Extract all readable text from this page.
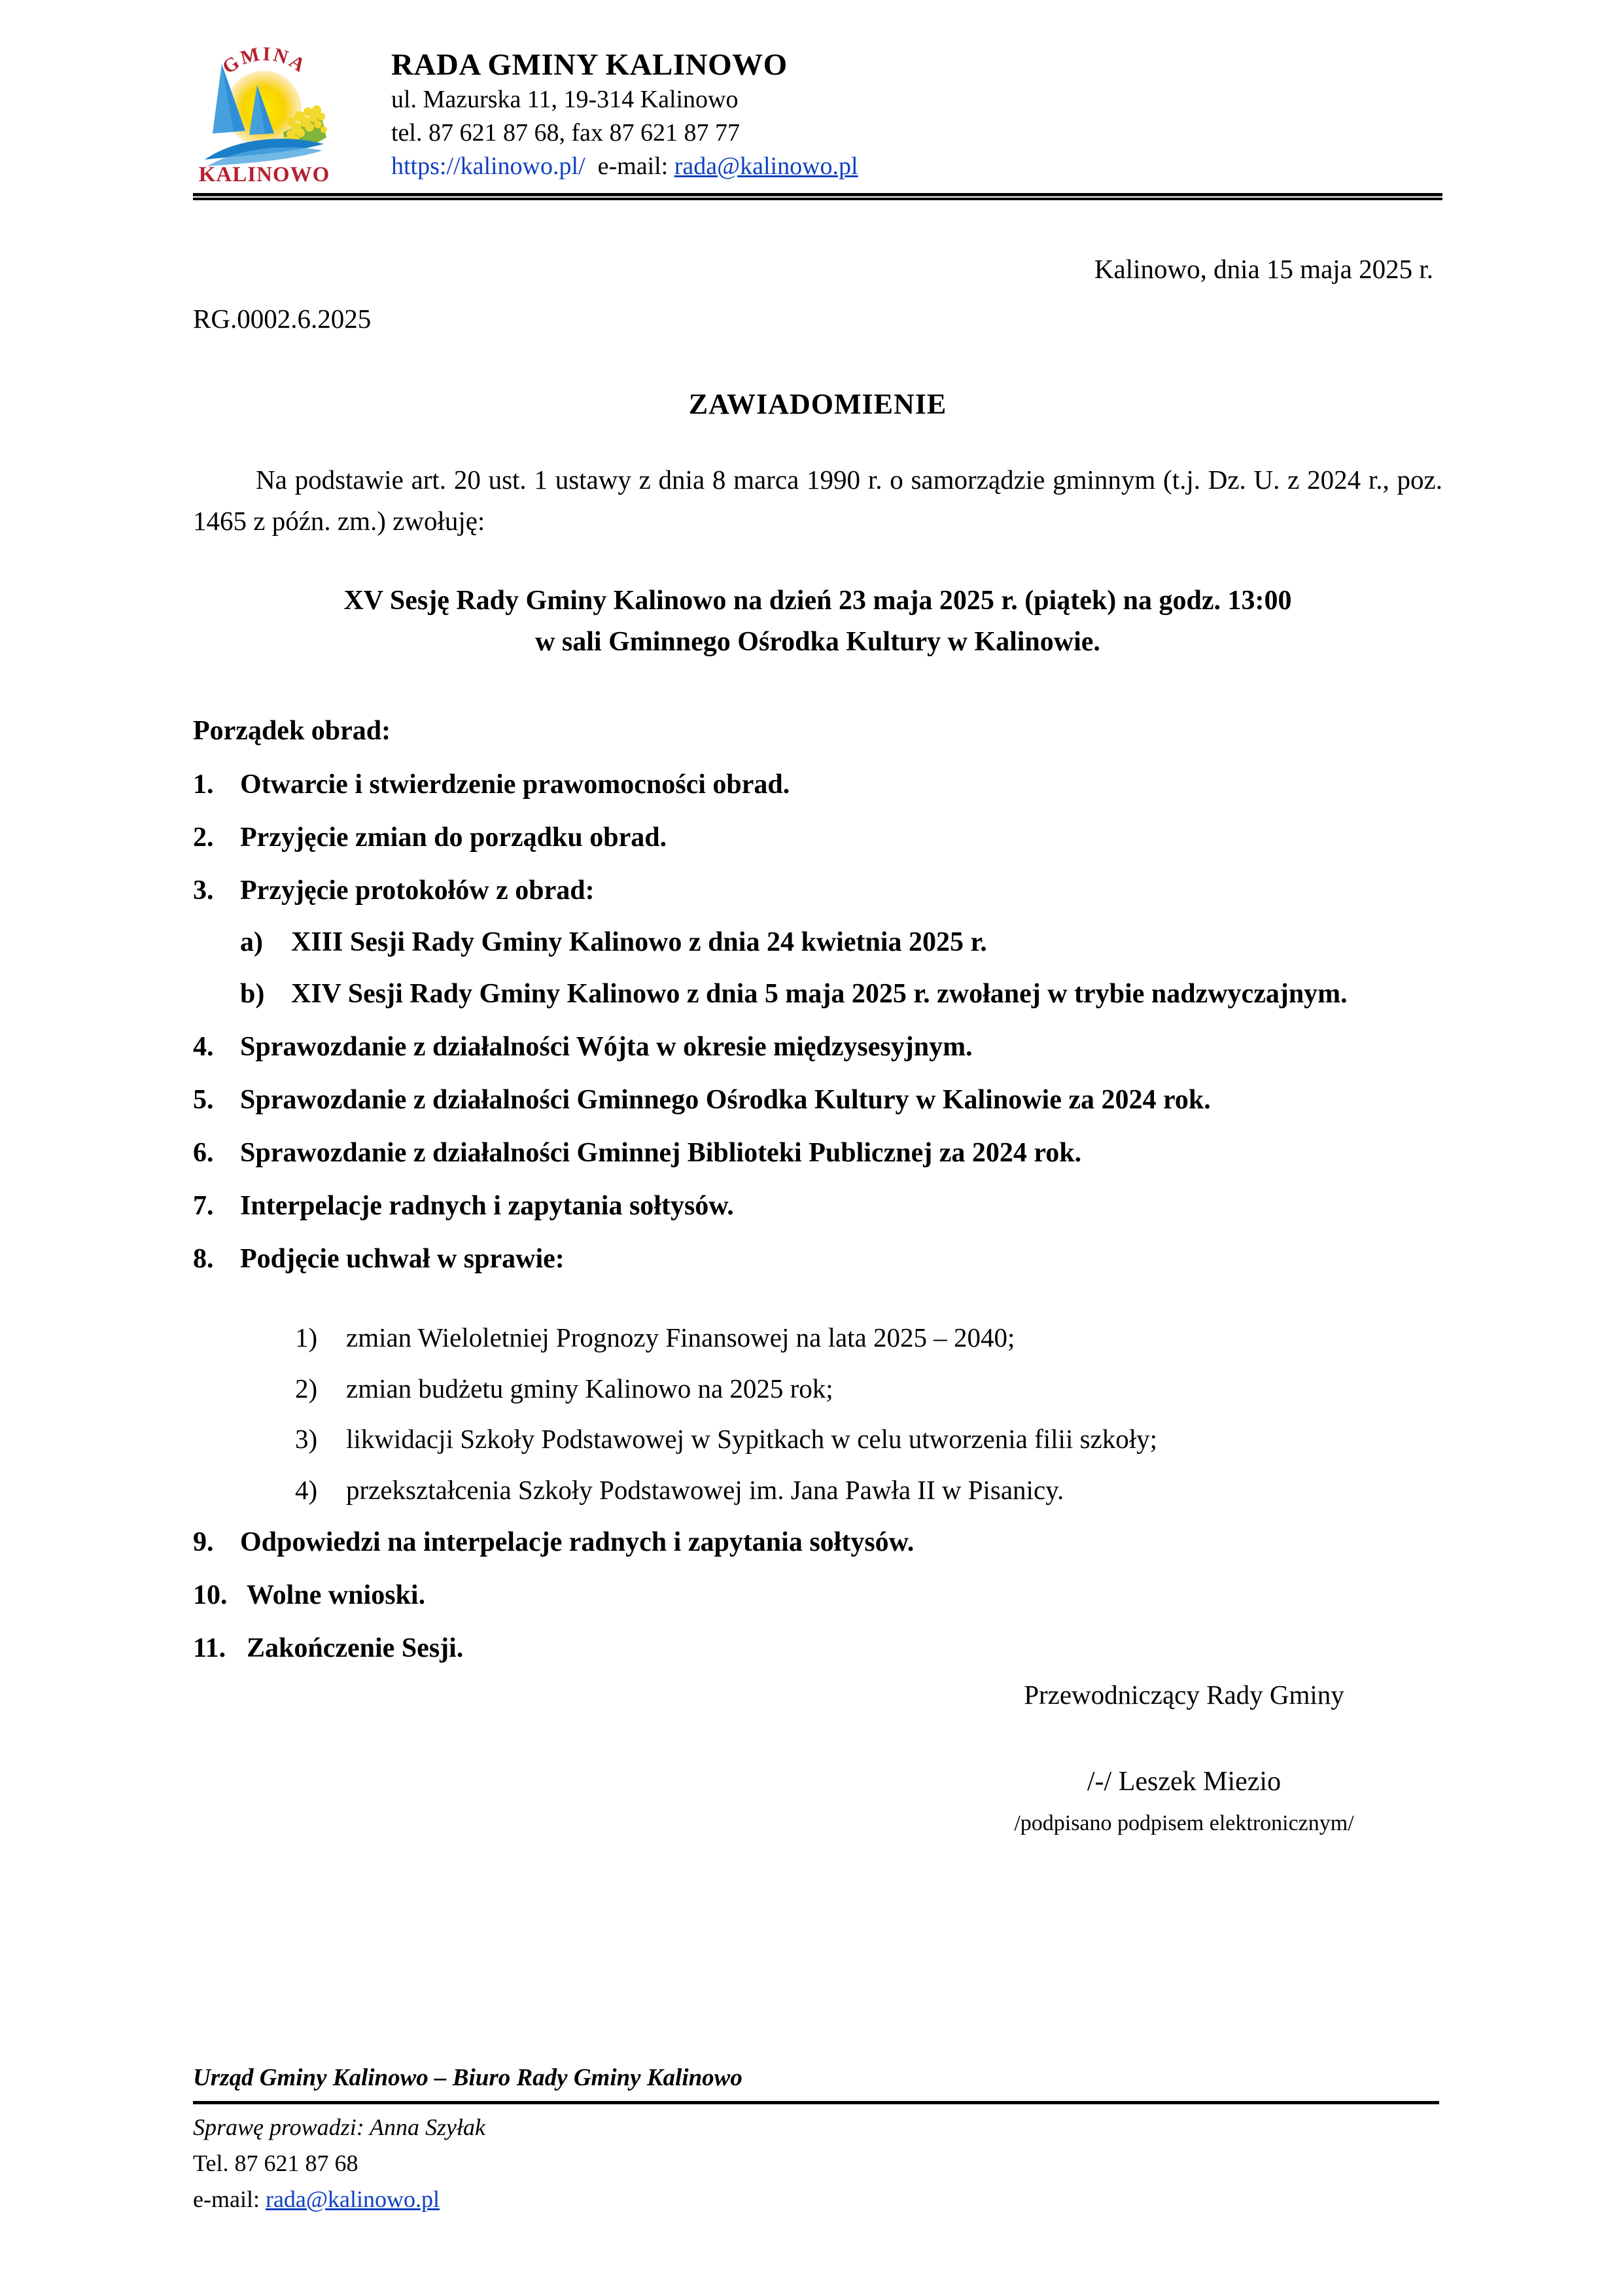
GMINA
KALINOWO
RADA GMINY KALINOWO
ul. Mazurska 11, 19-314 Kalinowo
tel. 87 621 87 68, fax 87 621 87 77
https://kalinowo.pl/ e-mail: rada@kalinowo.pl
Kalinowo, dnia 15 maja 2025 r.
RG.0002.6.2025
ZAWIADOMIENIE
Na podstawie art. 20 ust. 1 ustawy z dnia 8 marca 1990 r. o samorządzie gminnym (t.j. Dz. U. z 2024 r., poz. 1465 z późn. zm.) zwołuję:
XV Sesję Rady Gminy Kalinowo na dzień 23 maja 2025 r. (piątek) na godz. 13:00
w sali Gminnego Ośrodka Kultury w Kalinowie.
Porządek obrad:
1. Otwarcie i stwierdzenie prawomocności obrad.
2. Przyjęcie zmian do porządku obrad.
3. Przyjęcie protokołów z obrad:
a) XIII Sesji Rady Gminy Kalinowo z dnia 24 kwietnia 2025 r.
b) XIV Sesji Rady Gminy Kalinowo z dnia 5 maja 2025 r. zwołanej w trybie nadzwyczajnym.
4. Sprawozdanie z działalności Wójta w okresie międzysesyjnym.
5. Sprawozdanie z działalności Gminnego Ośrodka Kultury w Kalinowie za 2024 rok.
6. Sprawozdanie z działalności Gminnej Biblioteki Publicznej za 2024 rok.
7. Interpelacje radnych i zapytania sołtysów.
8. Podjęcie uchwał w sprawie:
1) zmian Wieloletniej Prognozy Finansowej na lata 2025 – 2040;
2) zmian budżetu gminy Kalinowo na 2025 rok;
3) likwidacji Szkoły Podstawowej w Sypitkach w celu utworzenia filii szkoły;
4) przekształcenia Szkoły Podstawowej im. Jana Pawła II w Pisanicy.
9. Odpowiedzi na interpelacje radnych i zapytania sołtysów.
10. Wolne wnioski.
11. Zakończenie Sesji.
Przewodniczący Rady Gminy
/-/ Leszek Miezio
/podpisano podpisem elektronicznym/
Urząd Gminy Kalinowo – Biuro Rady Gminy Kalinowo
Sprawę prowadzi: Anna Szyłak
Tel. 87 621 87 68
e-mail: rada@kalinowo.pl
